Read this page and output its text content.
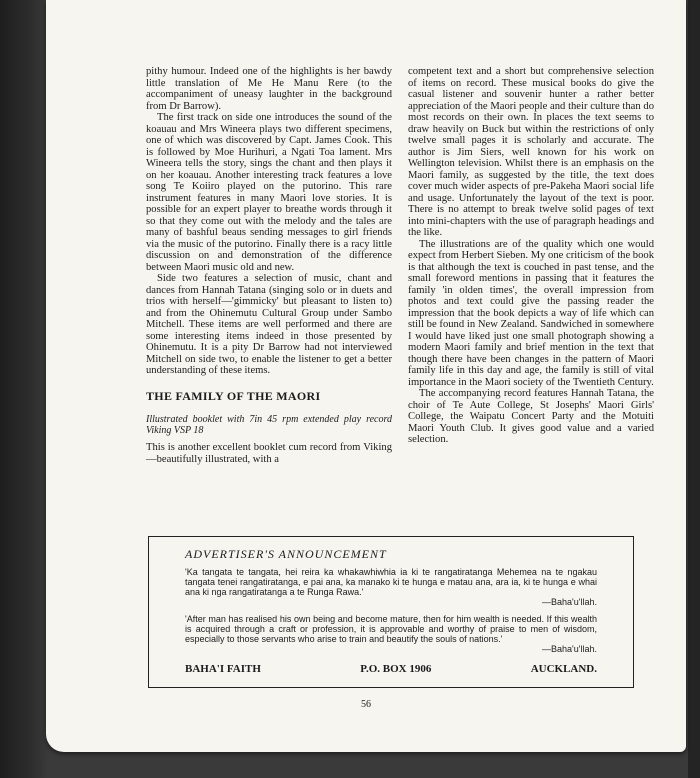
pithy humour. Indeed one of the highlights is her bawdy little translation of Me He Manu Rere (to the accompaniment of uneasy laughter in the background from Dr Barrow).

The first track on side one introduces the sound of the koauau and Mrs Wineera plays two different specimens, one of which was discovered by Capt. James Cook. This is followed by Moe Hurihuri, a Ngati Toa lament. Mrs Wineera tells the story, sings the chant and then plays it on her koauau. Another interesting track features a love song Te Koiiro played on the putorino. This rare instrument features in many Maori love stories. It is possible for an expert player to breathe words through it so that they come out with the melody and the tales are many of bashful beaus sending messages to girl friends via the music of the putorino. Finally there is a racy little discussion on and demonstration of the difference between Maori music old and new.

Side two features a selection of music, chant and dances from Hannah Tatana (singing solo or in duets and trios with herself—'gimmicky' but pleasant to listen to) and from the Ohinemutu Cultural Group under Sambo Mitchell. These items are well performed and there are some interesting items indeed in those presented by Ohinemutu. It is a pity Dr Barrow had not interviewed Mitchell on side two, to enable the listener to get a better understanding of these items.

THE FAMILY OF THE MAORI

Illustrated booklet with 7in 45 rpm extended play record Viking VSP 18

This is another excellent booklet cum record from Viking—beautifully illustrated, with a

competent text and a short but comprehensive selection of items on record. These musical books do give the casual listener and souvenir hunter a rather better appreciation of the Maori people and their culture than do most records on their own. In places the text seems to draw heavily on Buck but within the restrictions of only twelve small pages it is scholarly and accurate. The author is Jim Siers, well known for his work on Wellington television. Whilst there is an emphasis on the Maori family, as suggested by the title, the text does cover much wider aspects of pre-Pakeha Maori social life and usage. Unfortunately the layout of the text is poor. There is no attempt to break twelve solid pages of text into mini-chapters with the use of paragraph headings and the like.

The illustrations are of the quality which one would expect from Herbert Sieben. My one criticism of the book is that although the text is couched in past tense, and the small foreword mentions in passing that it features the family 'in olden times', the overall impression from photos and text could give the passing reader the impression that the book depicts a way of life which can still be found in New Zealand. Sandwiched in somewhere I would have liked just one small photograph showing a modern Maori family and brief mention in the text that though there have been changes in the pattern of Maori family life in this day and age, the family is still of vital importance in the Maori society of the Twentieth Century.

The accompanying record features Hannah Tatana, the choir of Te Aute College, St Josephs' Maori Girls' College, the Waipatu Concert Party and the Motuiti Maori Youth Club. It gives good value and a varied selection.

ADVERTISER'S ANNOUNCEMENT

'Ka tangata te tangata, hei reira ka whakawhiwhia ia ki te rangatiratanga Mehemea na te ngakau tangata tenei rangatiratanga, e pai ana, ka manako ki te hunga e matau ana, ara ia, ki te hunga e whai ana ki nga rangatiratanga a te Runga Rawa.'

—Baha'u'llah.

'After man has realised his own being and become mature, then for him wealth is needed. If this wealth is acquired through a craft or profession, it is approvable and worthy of praise to men of wisdom, especially to those servants who arise to train and beautify the souls of nations.'

—Baha'u'llah.

BAHA'I FAITH	P.O. BOX 1906	AUCKLAND.
56
